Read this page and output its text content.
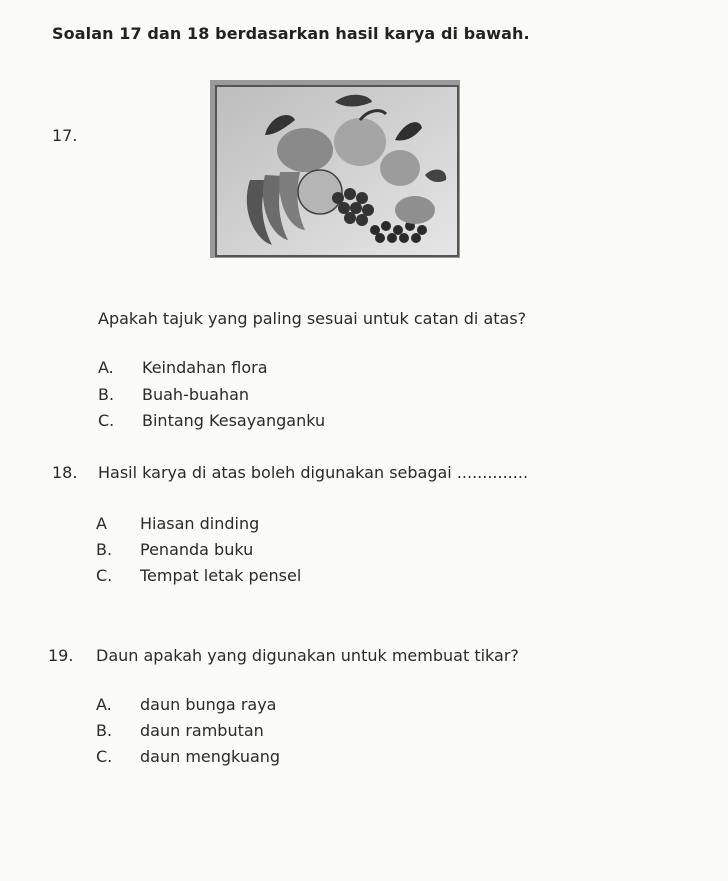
Soalan 17 dan 18 berdasarkan hasil karya di bawah.
17.
Apakah tajuk yang paling sesuai untuk catan di atas?
A. Keindahan flora
B. Buah-buahan
C. Bintang Kesayanganku
18. Hasil karya di atas boleh digunakan sebagai ..............
A Hiasan dinding
B. Penanda buku
C. Tempat letak pensel
19. Daun apakah yang digunakan untuk membuat tikar?
A. daun bunga raya
B. daun rambutan
C. daun mengkuang
